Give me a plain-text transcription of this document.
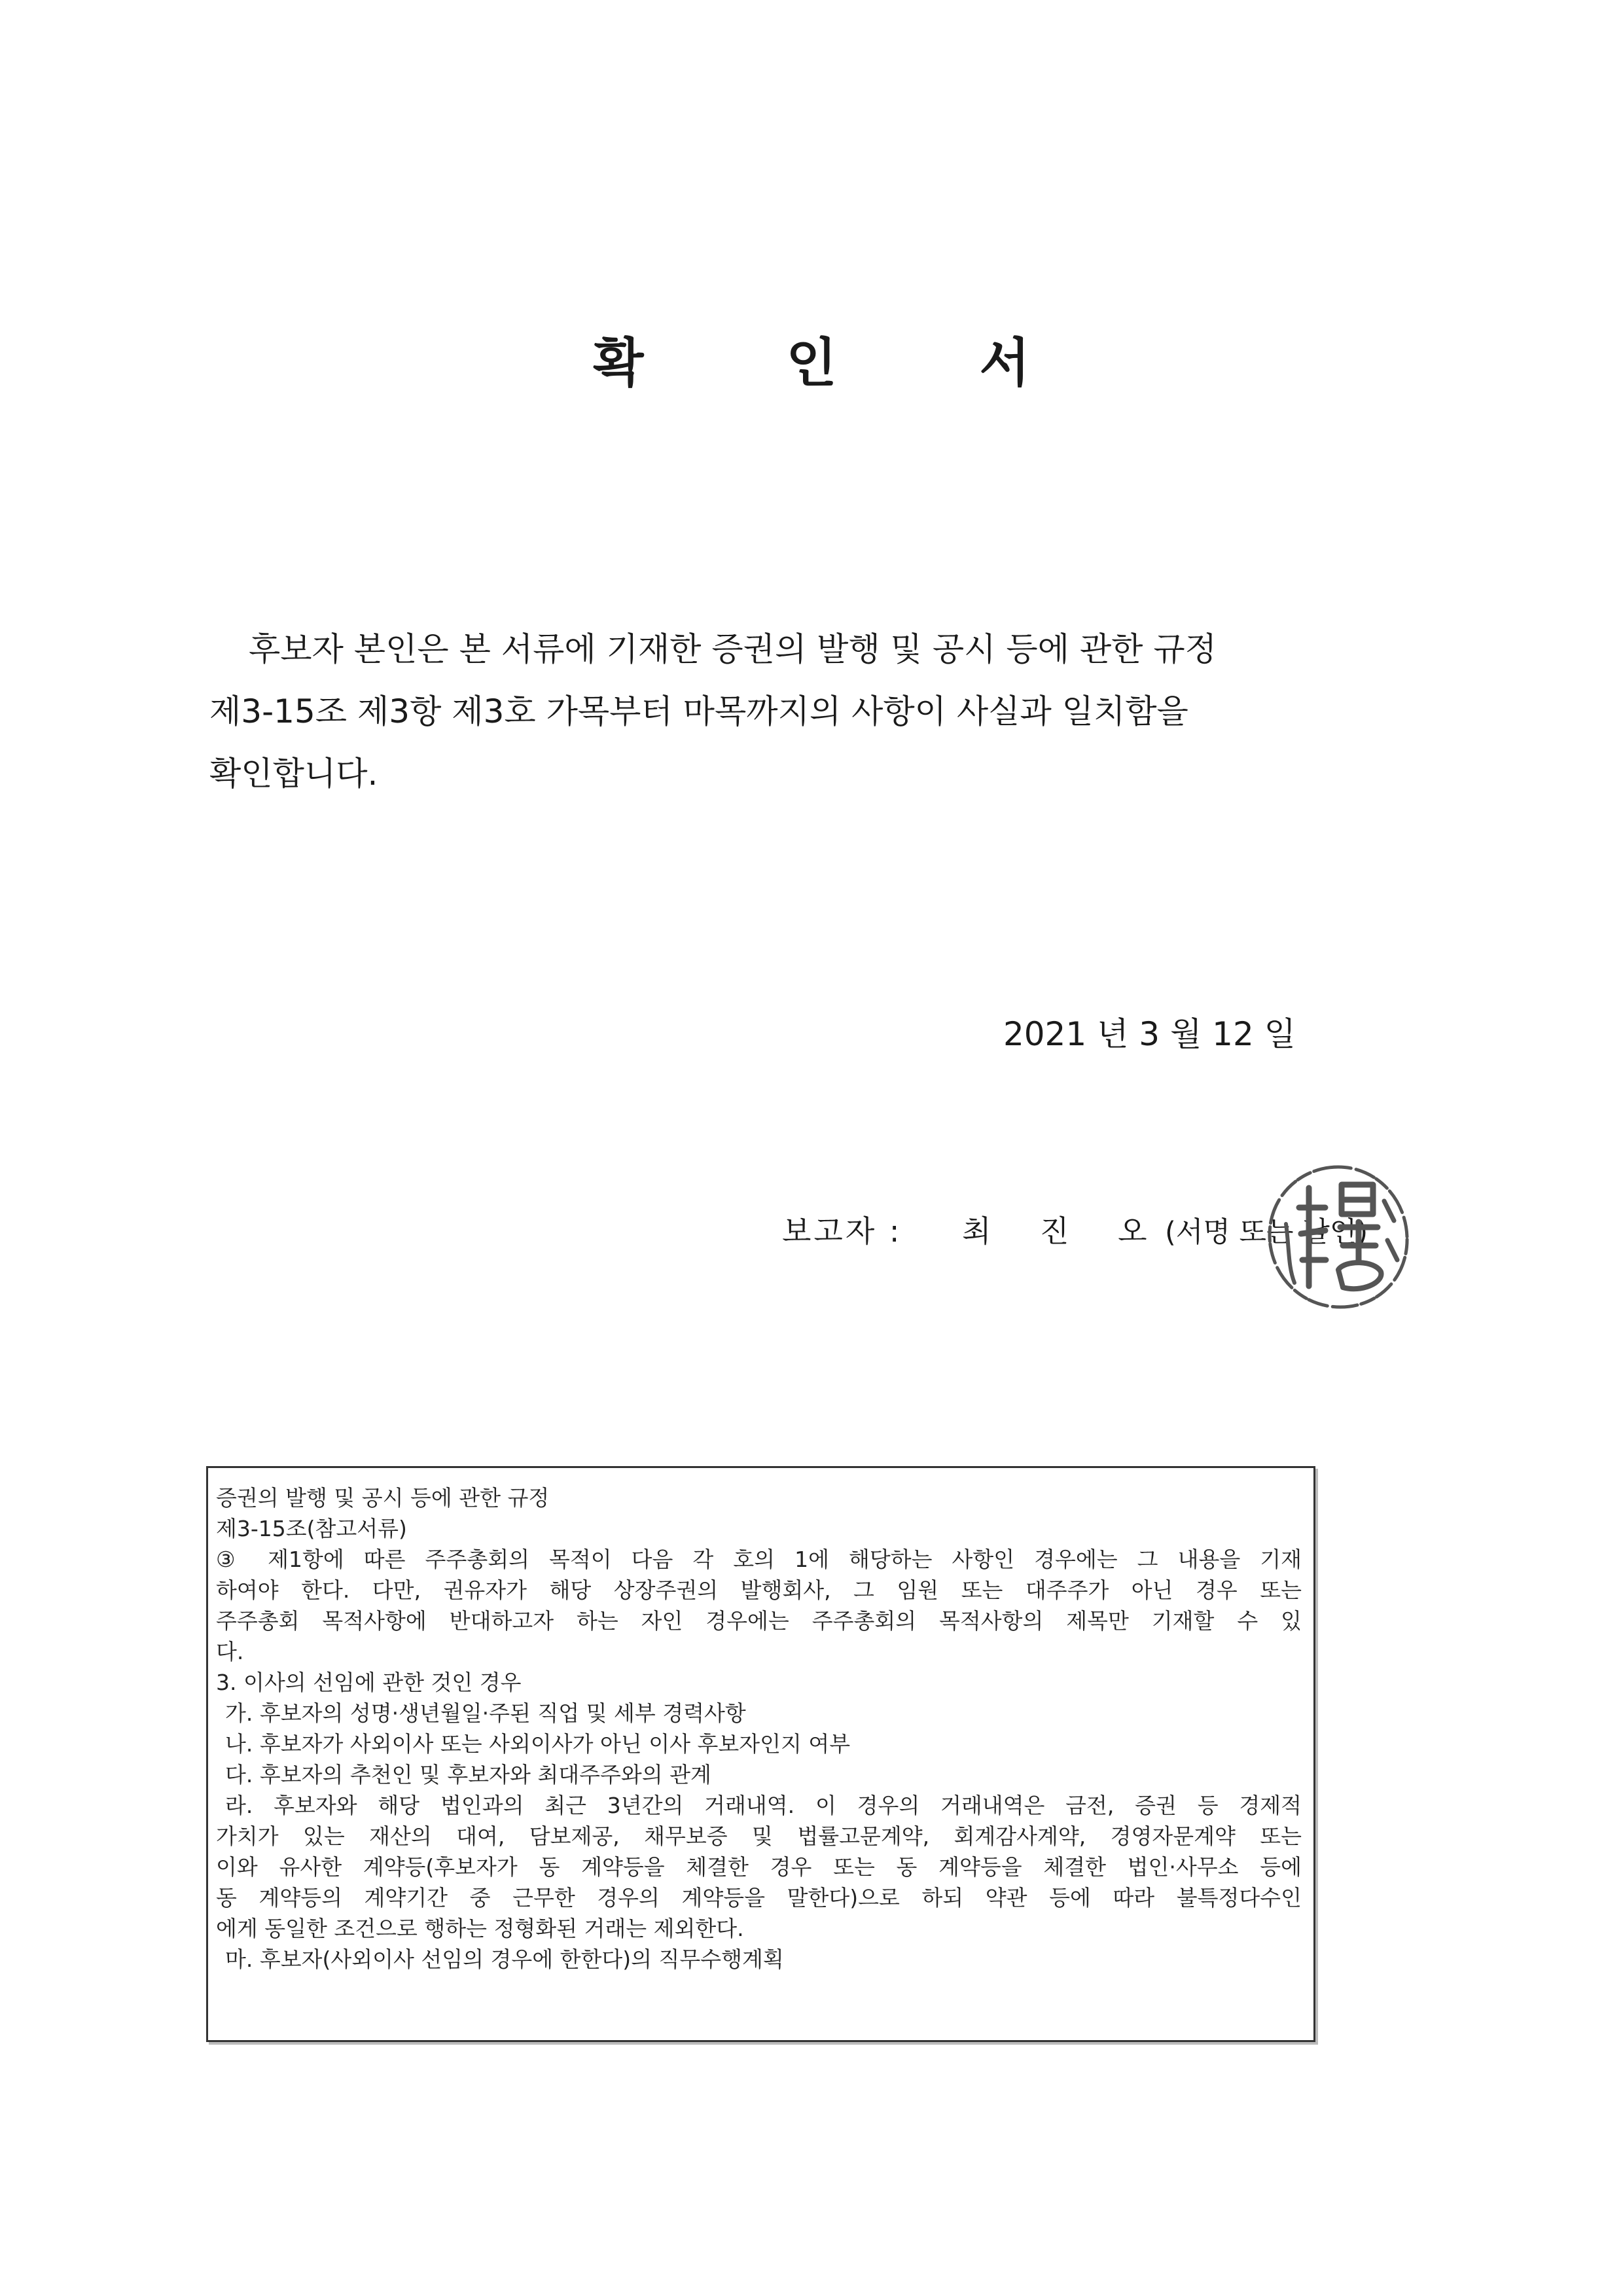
확 인 서
후보자 본인은 본 서류에 기재한 증권의 발행 및 공시 등에 관한 규정
제3-15조 제3항 제3호 가목부터 마목까지의 사항이 사실과 일치함을
확인합니다.
2021 년 3 월 12 일
보고자 : 최 진 오(서명 또는 날인)
증권의 발행 및 공시 등에 관한 규정
제3-15조(참고서류)
③ 제1항에 따른 주주총회의 목적이 다음 각 호의 1에 해당하는 사항인 경우에는 그 내용을 기재
하여야 한다. 다만, 권유자가 해당 상장주권의 발행회사, 그 임원 또는 대주주가 아닌 경우 또는
주주총회 목적사항에 반대하고자 하는 자인 경우에는 주주총회의 목적사항의 제목만 기재할 수 있
다.
3. 이사의 선임에 관한 것인 경우
가. 후보자의 성명·생년월일·주된 직업 및 세부 경력사항
나. 후보자가 사외이사 또는 사외이사가 아닌 이사 후보자인지 여부
다. 후보자의 추천인 및 후보자와 최대주주와의 관계
라. 후보자와 해당 법인과의 최근 3년간의 거래내역. 이 경우의 거래내역은 금전, 증권 등 경제적
가치가 있는 재산의 대여, 담보제공, 채무보증 및 법률고문계약, 회계감사계약, 경영자문계약 또는
이와 유사한 계약등(후보자가 동 계약등을 체결한 경우 또는 동 계약등을 체결한 법인·사무소 등에
동 계약등의 계약기간 중 근무한 경우의 계약등을 말한다)으로 하되 약관 등에 따라 불특정다수인
에게 동일한 조건으로 행하는 정형화된 거래는 제외한다.
마. 후보자(사외이사 선임의 경우에 한한다)의 직무수행계획
